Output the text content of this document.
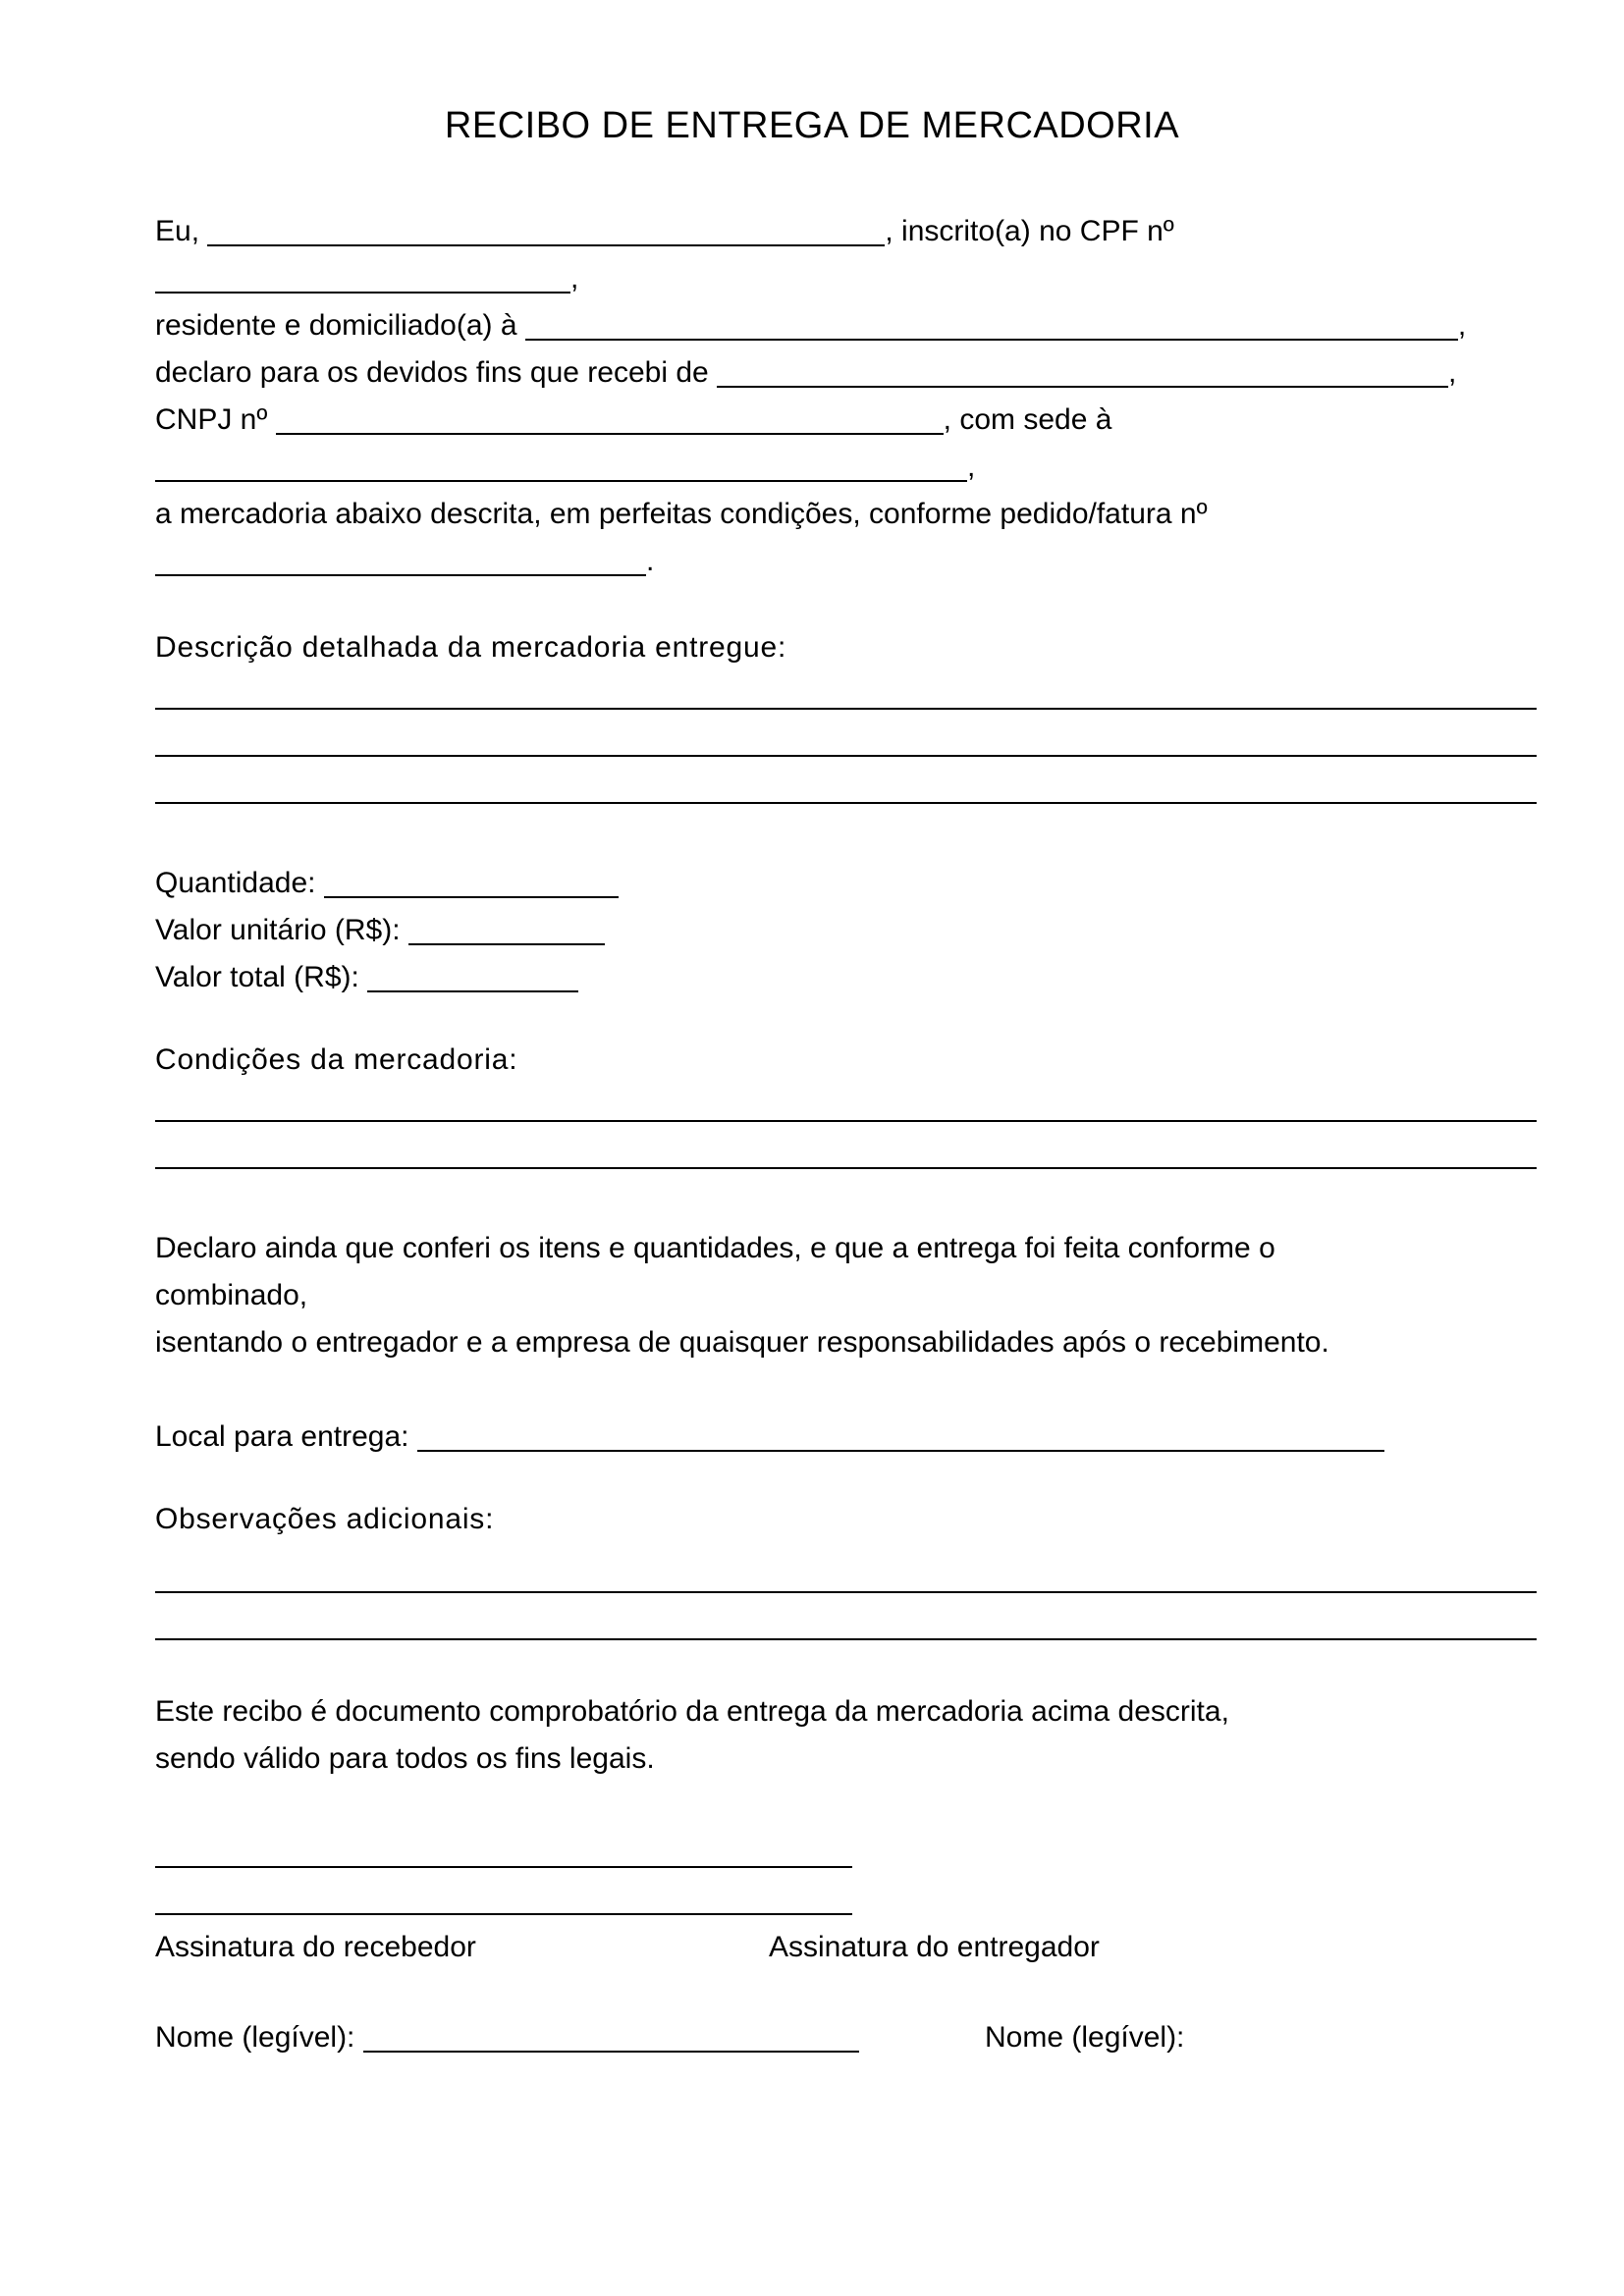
RECIBO DE ENTREGA DE MERCADORIA
Eu,	, inscrito(a) no CPF nº
,
residente e domiciliado(a) à	,
declaro para os devidos fins que recebi de	,
CNPJ nº	, com sede à
,
a mercadoria abaixo descrita, em perfeitas condições, conforme pedido/fatura nº
.
Descrição detalhada da mercadoria entregue:
Quantidade:
Valor unitário (R$):
Valor total (R$):
Condições da mercadoria:
Declaro ainda que conferi os itens e quantidades, e que a entrega foi feita conforme o
combinado,
isentando o entregador e a empresa de quaisquer responsabilidades após o recebimento.
Local para entrega:
Observações adicionais:
Este recibo é documento comprobatório da entrega da mercadoria acima descrita,
sendo válido para todos os fins legais.
Assinatura do recebedor	Assinatura do entregador
Nome (legível):	Nome (legível):
